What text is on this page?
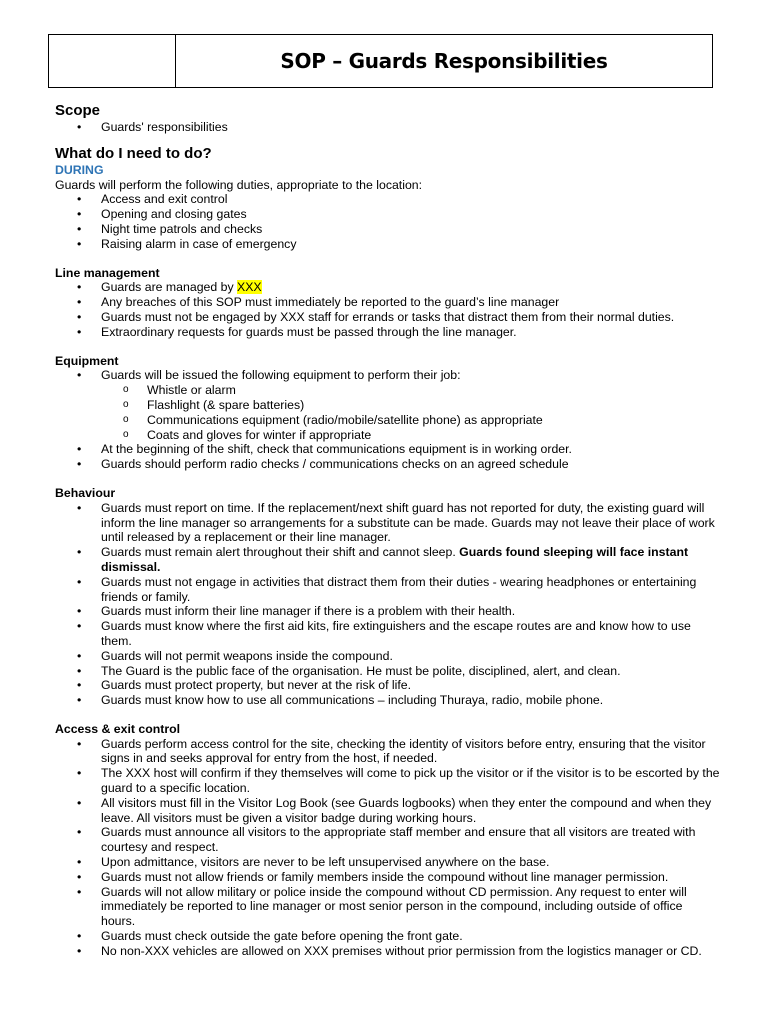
SOP – Guards Responsibilities
Scope
• Guards' responsibilities
What do I need to do?
DURING

Guards will perform the following duties, appropriate to the location:

• Access and exit control
• Opening and closing gates
• Night time patrols and checks
• Raising alarm in case of emergency
Line management
• Guards are managed by XXX
• Any breaches of this SOP must immediately be reported to the guard’s line manager
• Guards must not be engaged by XXX staff for errands or tasks that distract them from their normal duties.
• Extraordinary requests for guards must be passed through the line manager.
Equipment
• Guards will be issued the following equipment to perform their job:
o Whistle or alarm
o Flashlight (& spare batteries)
o Communications equipment (radio/mobile/satellite phone) as appropriate
o Coats and gloves for winter if appropriate
• At the beginning of the shift, check that communications equipment is in working order.
• Guards should perform radio checks / communications checks on an agreed schedule
Behaviour
• Guards must report on time. If the replacement/next shift guard has not reported for duty, the existing guard will inform the line manager so arrangements for a substitute can be made. Guards may not leave their place of work until released by a replacement or their line manager.
• Guards must remain alert throughout their shift and cannot sleep. Guards found sleeping will face instant dismissal.
• Guards must not engage in activities that distract them from their duties - wearing headphones or entertaining friends or family.
• Guards must inform their line manager if there is a problem with their health.
• Guards must know where the first aid kits, fire extinguishers and the escape routes are and know how to use them.
• Guards will not permit weapons inside the compound.
• The Guard is the public face of the organisation. He must be polite, disciplined, alert, and clean.
• Guards must protect property, but never at the risk of life.
• Guards must know how to use all communications – including Thuraya, radio, mobile phone.
Access & exit control
• Guards perform access control for the site, checking the identity of visitors before entry, ensuring that the visitor signs in and seeks approval for entry from the host, if needed.
• The XXX host will confirm if they themselves will come to pick up the visitor or if the visitor is to be escorted by the guard to a specific location.
• All visitors must fill in the Visitor Log Book (see Guards logbooks) when they enter the compound and when they leave. All visitors must be given a visitor badge during working hours.
• Guards must announce all visitors to the appropriate staff member and ensure that all visitors are treated with courtesy and respect.
• Upon admittance, visitors are never to be left unsupervised anywhere on the base.
• Guards must not allow friends or family members inside the compound without line manager permission.
• Guards will not allow military or police inside the compound without CD permission. Any request to enter will immediately be reported to line manager or most senior person in the compound, including outside of office hours.
• Guards must check outside the gate before opening the front gate.
• No non-XXX vehicles are allowed on XXX premises without prior permission from the logistics manager or CD.
